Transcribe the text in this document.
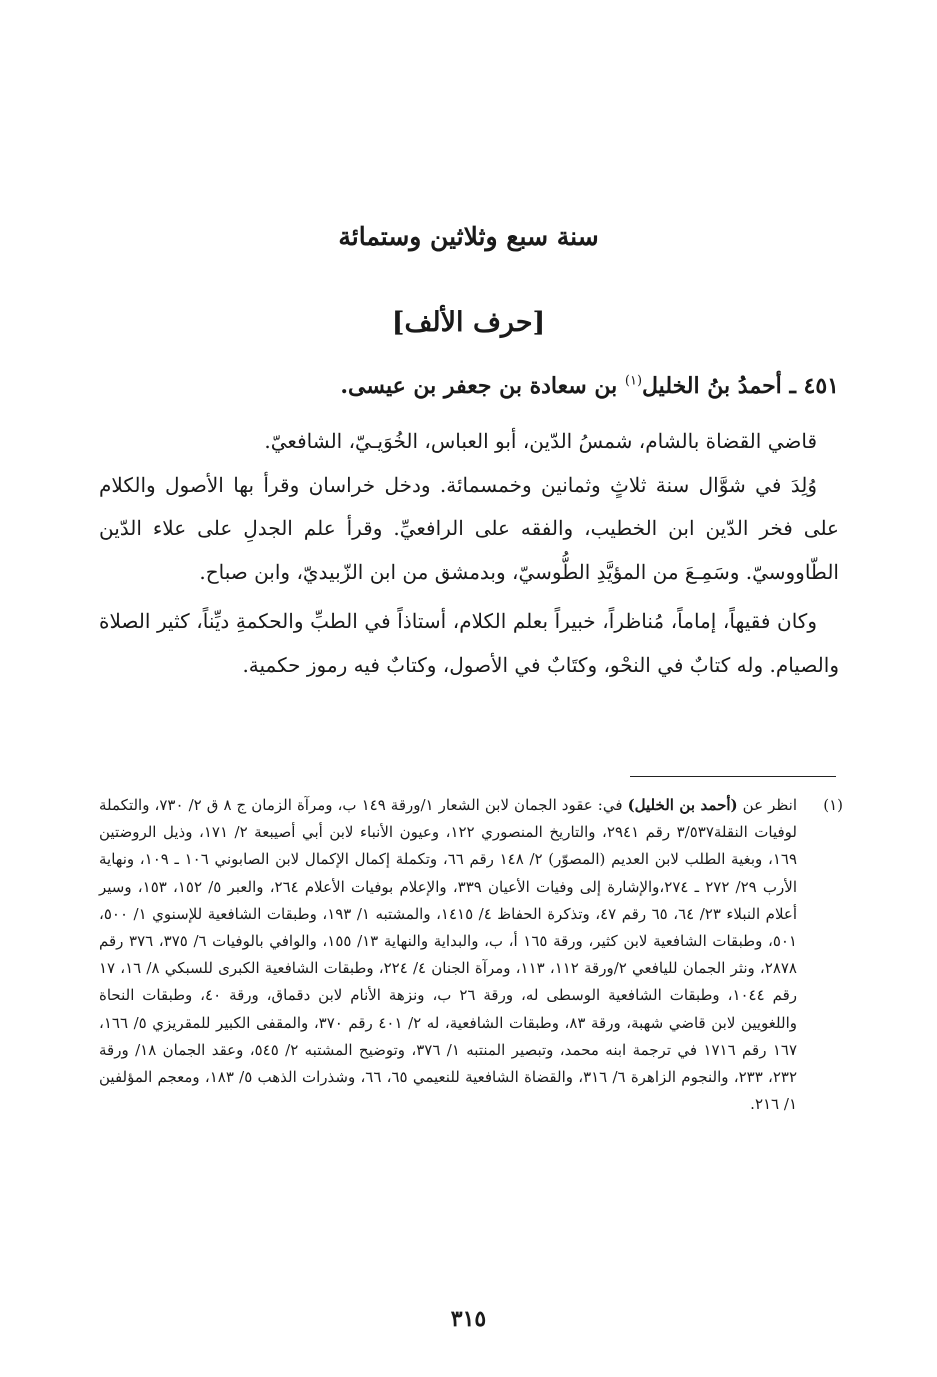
سنة سبع وثلاثين وستمائة
[حرف الألف]
٤٥١ ـ أحمدُ بنُ الخليل$^{(١)}$ بن سعادة بن جعفر بن عيسى.

قاضي القضاة بالشام، شمسُ الدّين، أبو العباس، الخُوَيـيّ، الشافعيّ.

وُلِدَ في شوَّال سنة ثلاثٍ وثمانين وخمسمائة. ودخل خراسان وقرأ بها الأصول والكلام على فخر الدّين ابن الخطيب، والفقه على الرافعيِّ. وقرأ علم الجدلِ على علاء الدّين الطّاووسيّ. وسَمِـعَ من المؤيَّدِ الطُّوسيّ، وبدمشق من ابن الزّبيديّ، وابن صباح.

وكان فقيهاً، إماماً، مُناظراً، خبيراً بعلم الكلام، أستاذاً في الطبِّ والحكمةِ ديِّناً، كثير الصلاة والصيام. وله كتابٌ في النحْو، وكتَابٌ في الأصول، وكتابٌ فيه رموز حكمية.

(١)
انظر عن (أحمد بن الخليل) في: عقود الجمان لابن الشعار ١/ورقة ١٤٩ ب، ومرآة الزمان ج ٨ ق ٢/ ٧٣٠، والتكملة لوفيات النقلة٣/٥٣٧ رقم ٢٩٤١، والتاريخ المنصوري ١٢٢، وعيون الأنباء لابن أبي أصيبعة ٢/ ١٧١، وذيل الروضتين ١٦٩، وبغية الطلب لابن العديم (المصوّر) ٢/ ١٤٨ رقم ٦٦، وتكملة إكمال الإكمال لابن الصابوني ١٠٦ ـ ١٠٩، ونهاية الأرب ٢٩/ ٢٧٢ ـ ٢٧٤،والإشارة إلى وفيات الأعيان ٣٣٩، والإعلام بوفيات الأعلام ٢٦٤، والعبر ٥/ ١٥٢، ١٥٣، وسير أعلام النبلاء ٢٣/ ٦٤، ٦٥ رقم ٤٧، وتذكرة الحفاظ ٤/ ١٤١٥، والمشتبه ١/ ١٩٣، وطبقات الشافعية للإسنوي ١/ ٥٠٠، ٥٠١، وطبقات الشافعية لابن كثير، ورقة ١٦٥ أ، ب، والبداية والنهاية ١٣/ ١٥٥، والوافي بالوفيات ٦/ ٣٧٥، ٣٧٦ رقم ٢٨٧٨، ونثر الجمان لليافعي ٢/ورقة ١١٢، ١١٣، ومرآة الجنان ٤/ ٢٢٤، وطبقات الشافعية الكبرى للسبكي ٨/ ١٦، ١٧ رقم ١٠٤٤، وطبقات الشافعية الوسطى له، ورقة ٢٦ ب، ونزهة الأنام لابن دقماق، ورقة ٤٠، وطبقات النحاة واللغويين لابن قاضي شهبة، ورقة ٨٣، وطبقات الشافعية، له ٢/ ٤٠١ رقم ٣٧٠، والمقفى الكبير للمقريزي ٥/ ١٦٦، ١٦٧ رقم ١٧١٦ في ترجمة ابنه محمد، وتبصير المنتبه ١/ ٣٧٦، وتوضيح المشتبه ٢/ ٥٤٥، وعقد الجمان ١٨/ ورقة ٢٣٢، ٢٣٣، والنجوم الزاهرة ٦/ ٣١٦، والقضاة الشافعية للنعيمي ٦٥، ٦٦، وشذرات الذهب ٥/ ١٨٣، ومعجم المؤلفين ١/ ٢١٦.
٣١٥
